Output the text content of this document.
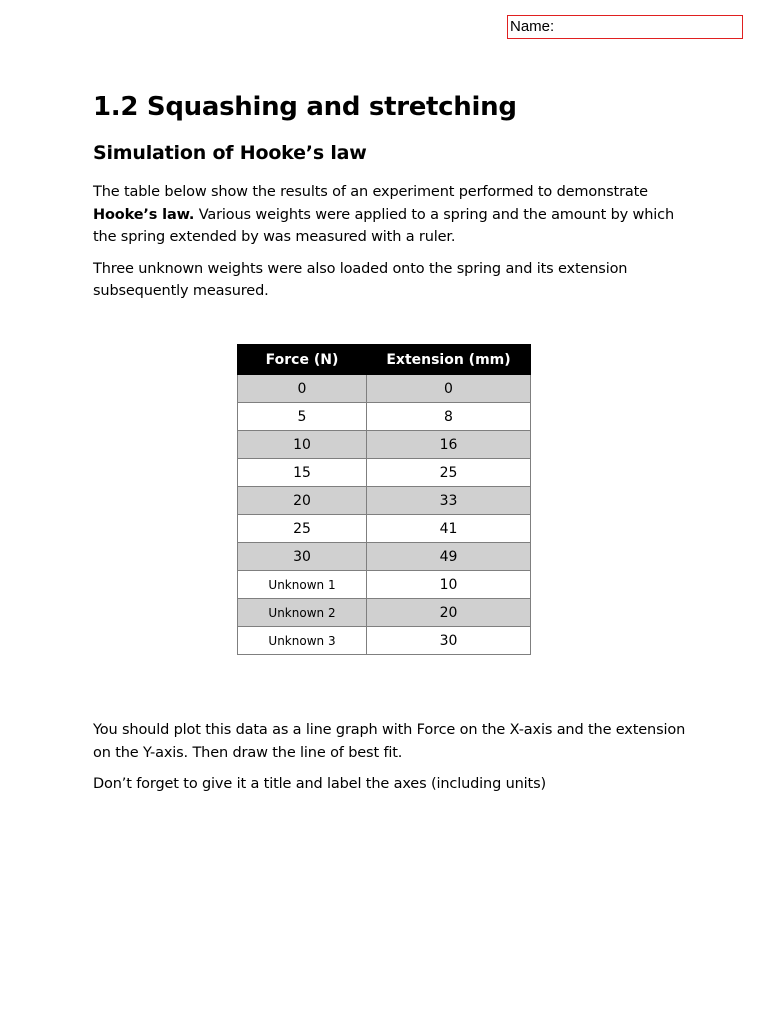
Name:
1.2 Squashing and stretching
Simulation of Hooke’s law

The table below show the results of an experiment performed to demonstrate Hooke’s law. Various weights were applied to a spring and the amount by which the spring extended by was measured with a ruler.

Three unknown weights were also loaded onto the spring and its extension subsequently measured.

Force (N)	Extension (mm)
0	0
5	8
10	16
15	25
20	33
25	41
30	49
Unknown 1	10
Unknown 2	20
Unknown 3	30

You should plot this data as a line graph with Force on the X-axis and the extension on the Y-axis. Then draw the line of best fit.

Don’t forget to give it a title and label the axes (including units)
